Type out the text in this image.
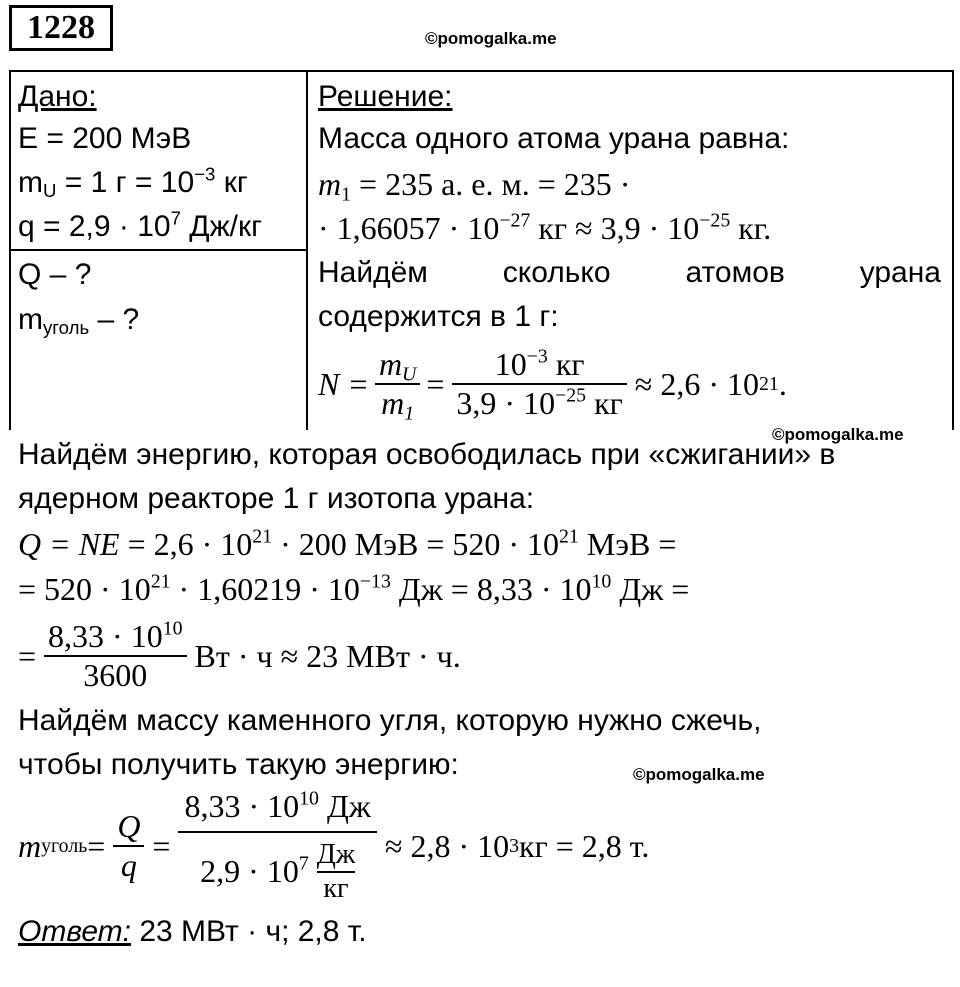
1228	©pomogalka.me
Дано:
E = 200 МэВ
$m_U = 1$ $г = 10^{-3}$ кг
$q = 2,9 \cdot 10^7$ Дж/кг
Q – ?
$m_{уголь}$ – ?
Решение:
Масса одного атома урана равна:
$m_1 = 235$ а. е. м. = 235 ·
· $1,66057 \cdot 10^{-27}$ кг ≈ $3,9 \cdot 10^{-25}$ кг.
Найдём сколько атомов урана
содержится в 1 г:
$N = \frac{m_U}{m_1} = \frac{10^{-3} кг}{3,9 \cdot 10^{-25} кг} \approx 2,6 \cdot 10$ 21 .
©pomogalka.me
Найдём энергию, которая освободилась при «сжигании» в
ядерном реакторе 1 г изотопа урана:
Q = NE = $2,6 \cdot 10^{21} \cdot 200$ МэВ = $520 \cdot 10^{21}$ МэВ =
= $520 \cdot 10^{21} \cdot 1,60219 \cdot 10^{-13}$ Дж = $8,33 \cdot 10^{10}$ Дж =
= $\frac{8,33 \cdot 10^{10}}{3600}$ Вт · ч ≈ 23 МВт · ч.
Найдём массу каменного угля, которую нужно сжечь,
чтобы получить такую энергию:	©pomogalka.me
m уголь = $\frac{Q}{q} = \frac{8,33 \cdot 10^{10} Дж}{2,9 \cdot 10^7 \frac{Дж}{кг}} \approx 2,8 \cdot 10$ 3 кг = 2,8 т.
Ответ: 23 МВт · ч; 2,8 т.
